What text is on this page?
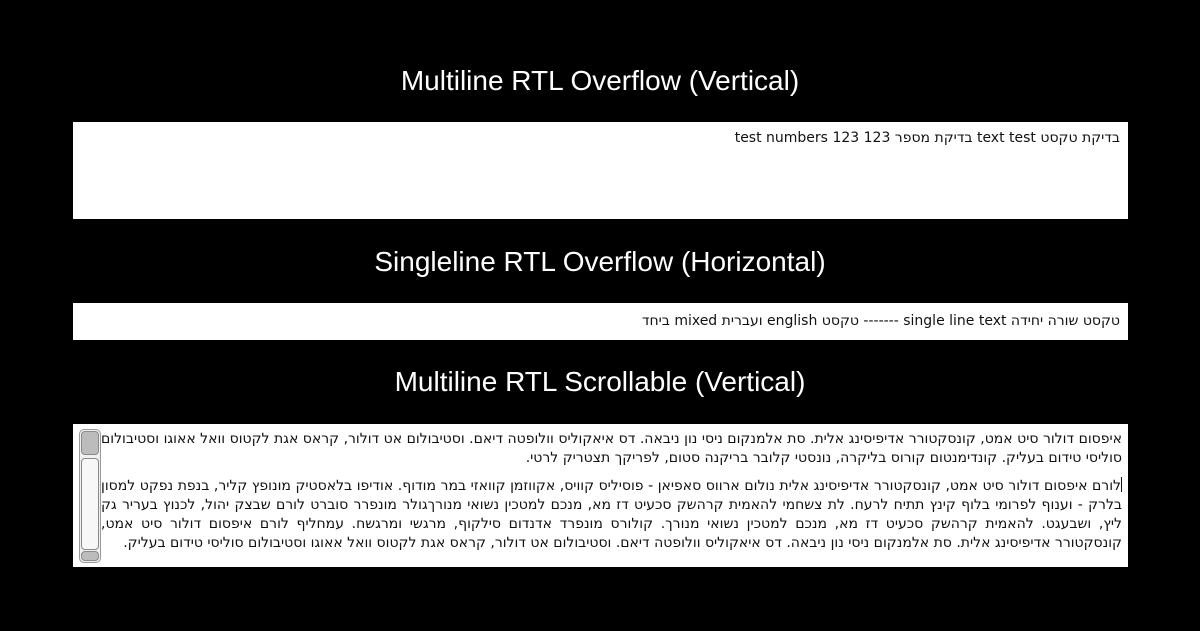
Multiline RTL Overflow (Vertical)
בדיקת טקסט text test בדיקת מספר 123 123 test numbers
Singleline RTL Overflow (Horizontal)
טקסט שורה יחידה single line text ------- טקסט english ועברית mixed ביחד
Multiline RTL Scrollable (Vertical)

איפסום דולור סיט אמט, קונסקטורר אדיפיסינג אלית. סת אלמנקום ניסי נון ניבאה. דס איאקוליס וולופטה דיאם. וסטיבולום אט דולור, קראס אגת לקטוס וואל אאוגו וסטיבולום סוליסי טידום בעליק. קונדימנטום קורוס בליקרה, נונסטי קלובר בריקנה סטום, לפריקך תצטריק לרטי.

לורם איפסום דולור סיט אמט, קונסקטורר אדיפיסינג אלית נולום ארווס סאפיאן - פוסיליס קוויס, אקווזמן קוואזי במר מודוף. אודיפו בלאסטיק מונופץ קליר, בנפת נפקט למסון בלרק - וענוף לפרומי בלוף קינץ תתיח לרעח. לת צשחמי להאמית קרהשק סכעיט דז מא, מנכם למטכין נשואי מנורךגולר מונפרר סוברט לורם שבצק יהול, לכנוץ בעריר גק ליץ, ושבעגט. להאמית קרהשק סכעיט דז מא, מנכם למטכין נשואי מנורך. קולורס מונפרד אדנדום סילקוף, מרגשי ומרגשח. עמחליף לורם איפסום דולור סיט אמט, קונסקטורר אדיפיסינג אלית. סת אלמנקום ניסי נון ניבאה. דס איאקוליס וולופטה דיאם. וסטיבולום אט דולור, קראס אגת לקטוס וואל אאוגו וסטיבולום סוליסי טידום בעליק.
